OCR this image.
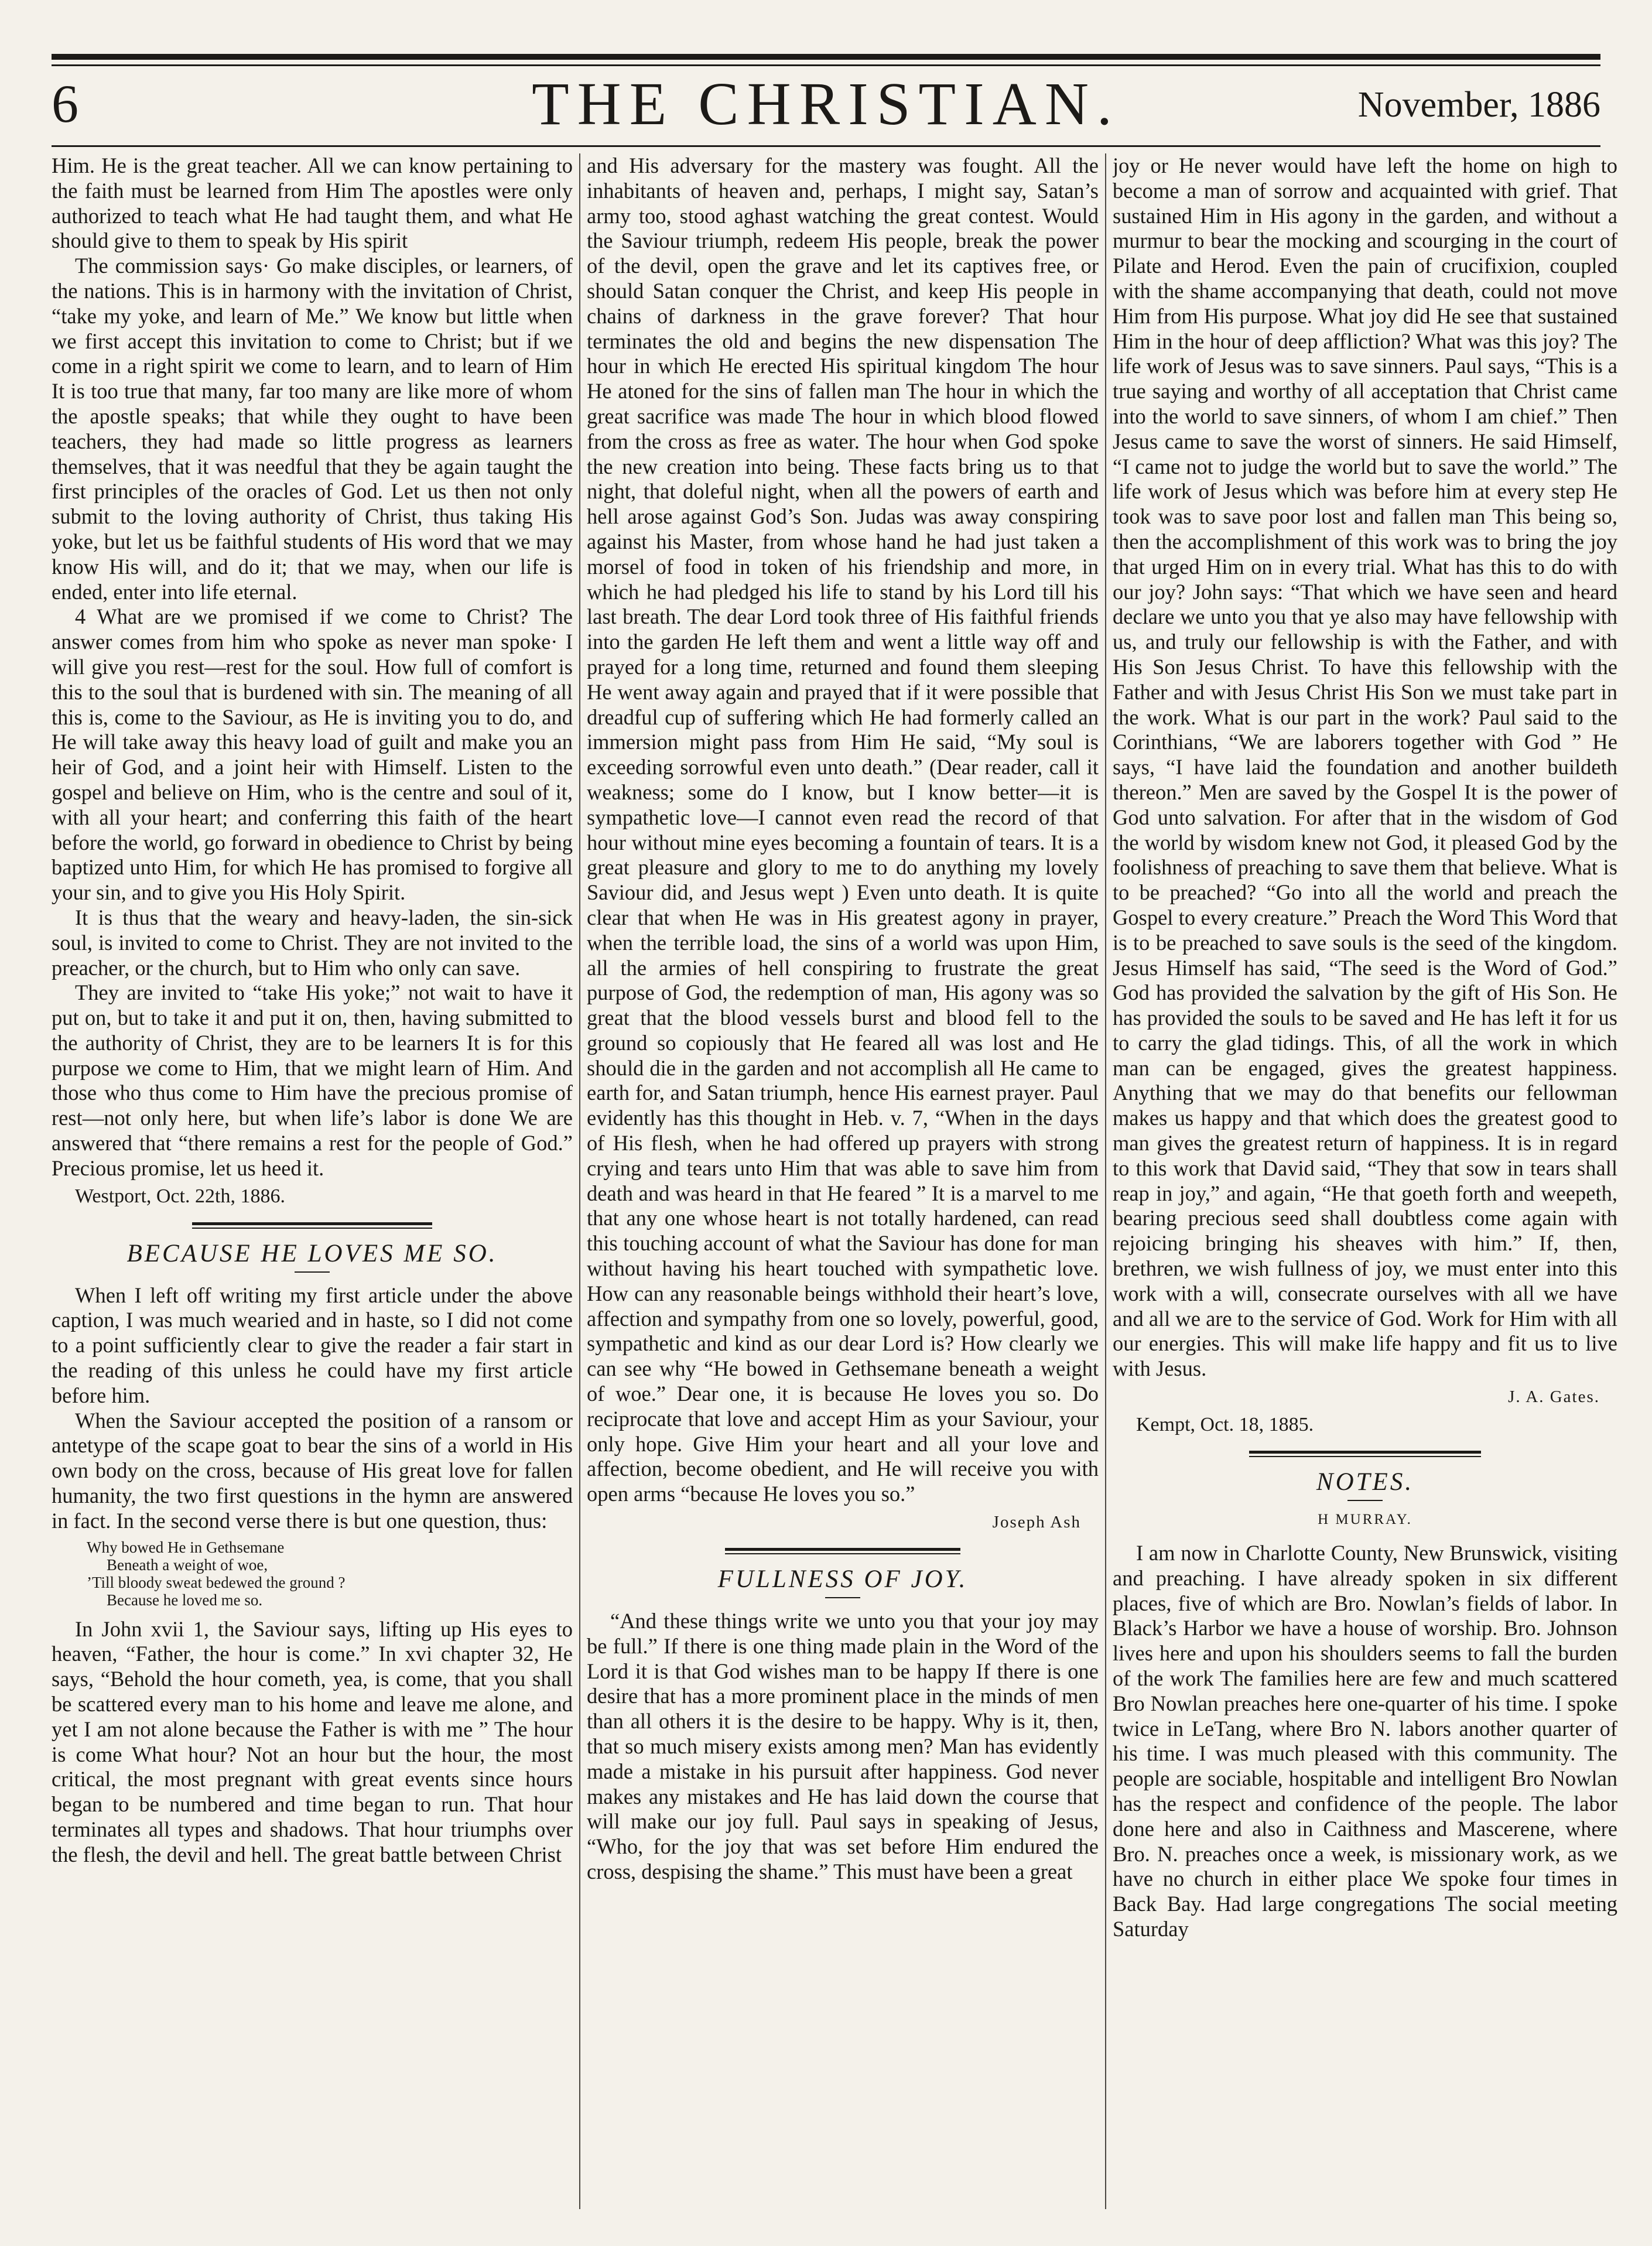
6	THE CHRISTIAN.	November, 1886

Him. He is the great teacher. All we can know pertaining to the faith must be learned from Him The apostles were only authorized to teach what He had taught them, and what He should give to them to speak by His spirit

The commission says· Go make disciples, or learners, of the nations. This is in harmony with the invitation of Christ, “take my yoke, and learn of Me.” We know but little when we first accept this invitation to come to Christ; but if we come in a right spirit we come to learn, and to learn of Him It is too true that many, far too many are like more of whom the apostle speaks; that while they ought to have been teachers, they had made so little progress as learners themselves, that it was needful that they be again taught the first principles of the oracles of God. Let us then not only submit to the loving authority of Christ, thus taking His yoke, but let us be faithful students of His word that we may know His will, and do it; that we may, when our life is ended, enter into life eternal.

4 What are we promised if we come to Christ? The answer comes from him who spoke as never man spoke· I will give you rest—rest for the soul. How full of comfort is this to the soul that is burdened with sin. The meaning of all this is, come to the Saviour, as He is inviting you to do, and He will take away this heavy load of guilt and make you an heir of God, and a joint heir with Himself. Listen to the gospel and believe on Him, who is the centre and soul of it, with all your heart; and conferring this faith of the heart before the world, go forward in obedience to Christ by being baptized unto Him, for which He has promised to forgive all your sin, and to give you His Holy Spirit.

It is thus that the weary and heavy-laden, the sin-sick soul, is invited to come to Christ. They are not invited to the preacher, or the church, but to Him who only can save.

They are invited to “take His yoke;” not wait to have it put on, but to take it and put it on, then, having submitted to the authority of Christ, they are to be learners It is for this purpose we come to Him, that we might learn of Him. And those who thus come to Him have the precious promise of rest—not only here, but when life’s labor is done We are answered that “there remains a rest for the people of God.” Precious promise, let us heed it.

Westport, Oct. 22th, 1886.
BECAUSE HE LOVES ME SO.

When I left off writing my first article under the above caption, I was much wearied and in haste, so I did not come to a point sufficiently clear to give the reader a fair start in the reading of this unless he could have my first article before him.

When the Saviour accepted the position of a ransom or antetype of the scape goat to bear the sins of a world in His own body on the cross, because of His great love for fallen humanity, the two first questions in the hymn are answered in fact. In the second verse there is but one question, thus:

Why bowed He in Gethsemane
Beneath a weight of woe,
’Till bloody sweat bedewed the ground ?
Because he loved me so.

In John xvii 1, the Saviour says, lifting up His eyes to heaven, “Father, the hour is come.” In xvi chapter 32, He says, “Behold the hour cometh, yea, is come, that you shall be scattered every man to his home and leave me alone, and yet I am not alone because the Father is with me ” The hour is come What hour? Not an hour but the hour, the most critical, the most pregnant with great events since hours began to be numbered and time began to run. That hour terminates all types and shadows. That hour triumphs over the flesh, the devil and hell. The great battle between Christ

and His adversary for the mastery was fought. All the inhabitants of heaven and, perhaps, I might say, Satan’s army too, stood aghast watching the great contest. Would the Saviour triumph, redeem His people, break the power of the devil, open the grave and let its captives free, or should Satan conquer the Christ, and keep His people in chains of darkness in the grave forever? That hour terminates the old and begins the new dispensation The hour in which He erected His spiritual kingdom The hour He atoned for the sins of fallen man The hour in which the great sacrifice was made The hour in which blood flowed from the cross as free as water. The hour when God spoke the new creation into being. These facts bring us to that night, that doleful night, when all the powers of earth and hell arose against God’s Son. Judas was away conspiring against his Master, from whose hand he had just taken a morsel of food in token of his friendship and more, in which he had pledged his life to stand by his Lord till his last breath. The dear Lord took three of His faithful friends into the garden He left them and went a little way off and prayed for a long time, returned and found them sleeping He went away again and prayed that if it were possible that dreadful cup of suffering which He had formerly called an immersion might pass from Him He said, “My soul is exceeding sorrowful even unto death.” (Dear reader, call it weakness; some do I know, but I know better—it is sympathetic love—I cannot even read the record of that hour without mine eyes becoming a fountain of tears. It is a great pleasure and glory to me to do anything my lovely Saviour did, and Jesus wept ) Even unto death. It is quite clear that when He was in His greatest agony in prayer, when the terrible load, the sins of a world was upon Him, all the armies of hell conspiring to frustrate the great purpose of God, the redemption of man, His agony was so great that the blood vessels burst and blood fell to the ground so copiously that He feared all was lost and He should die in the garden and not accomplish all He came to earth for, and Satan triumph, hence His earnest prayer. Paul evidently has this thought in Heb. v. 7, “When in the days of His flesh, when he had offered up prayers with strong crying and tears unto Him that was able to save him from death and was heard in that He feared ” It is a marvel to me that any one whose heart is not totally hardened, can read this touching account of what the Saviour has done for man without having his heart touched with sympathetic love. How can any reasonable beings withhold their heart’s love, affection and sympathy from one so lovely, powerful, good, sympathetic and kind as our dear Lord is? How clearly we can see why “He bowed in Gethsemane beneath a weight of woe.” Dear one, it is because He loves you so. Do reciprocate that love and accept Him as your Saviour, your only hope. Give Him your heart and all your love and affection, become obedient, and He will receive you with open arms “because He loves you so.”

Joseph Ash
FULLNESS OF JOY.

“And these things write we unto you that your joy may be full.” If there is one thing made plain in the Word of the Lord it is that God wishes man to be happy If there is one desire that has a more prominent place in the minds of men than all others it is the desire to be happy. Why is it, then, that so much misery exists among men? Man has evidently made a mistake in his pursuit after happiness. God never makes any mistakes and He has laid down the course that will make our joy full. Paul says in speaking of Jesus, “Who, for the joy that was set before Him endured the cross, despising the shame.” This must have been a great

joy or He never would have left the home on high to become a man of sorrow and acquainted with grief. That sustained Him in His agony in the garden, and without a murmur to bear the mocking and scourging in the court of Pilate and Herod. Even the pain of crucifixion, coupled with the shame accompanying that death, could not move Him from His purpose. What joy did He see that sustained Him in the hour of deep affliction? What was this joy? The life work of Jesus was to save sinners. Paul says, “This is a true saying and worthy of all acceptation that Christ came into the world to save sinners, of whom I am chief.” Then Jesus came to save the worst of sinners. He said Himself, “I came not to judge the world but to save the world.” The life work of Jesus which was before him at every step He took was to save poor lost and fallen man This being so, then the accomplishment of this work was to bring the joy that urged Him on in every trial. What has this to do with our joy? John says: “That which we have seen and heard declare we unto you that ye also may have fellowship with us, and truly our fellowship is with the Father, and with His Son Jesus Christ. To have this fellowship with the Father and with Jesus Christ His Son we must take part in the work. What is our part in the work? Paul said to the Corinthians, “We are laborers together with God ” He says, “I have laid the foundation and another buildeth thereon.” Men are saved by the Gospel It is the power of God unto salvation. For after that in the wisdom of God the world by wisdom knew not God, it pleased God by the foolishness of preaching to save them that believe. What is to be preached? “Go into all the world and preach the Gospel to every creature.” Preach the Word This Word that is to be preached to save souls is the seed of the kingdom. Jesus Himself has said, “The seed is the Word of God.” God has provided the salvation by the gift of His Son. He has provided the souls to be saved and He has left it for us to carry the glad tidings. This, of all the work in which man can be engaged, gives the greatest happiness. Anything that we may do that benefits our fellowman makes us happy and that which does the greatest good to man gives the greatest return of happiness. It is in regard to this work that David said, “They that sow in tears shall reap in joy,” and again, “He that goeth forth and weepeth, bearing precious seed shall doubtless come again with rejoicing bringing his sheaves with him.” If, then, brethren, we wish fullness of joy, we must enter into this work with a will, consecrate ourselves with all we have and all we are to the service of God. Work for Him with all our energies. This will make life happy and fit us to live with Jesus.

J. A. Gates.
Kempt, Oct. 18, 1885.
NOTES.
H MURRAY.

I am now in Charlotte County, New Brunswick, visiting and preaching. I have already spoken in six different places, five of which are Bro. Nowlan’s fields of labor. In Black’s Harbor we have a house of worship. Bro. Johnson lives here and upon his shoulders seems to fall the burden of the work The families here are few and much scattered Bro Nowlan preaches here one-quarter of his time. I spoke twice in LeTang, where Bro N. labors another quarter of his time. I was much pleased with this community. The people are sociable, hospitable and intelligent Bro Nowlan has the respect and confidence of the people. The labor done here and also in Caithness and Mascerene, where Bro. N. preaches once a week, is missionary work, as we have no church in either place We spoke four times in Back Bay. Had large congregations The social meeting Saturday
